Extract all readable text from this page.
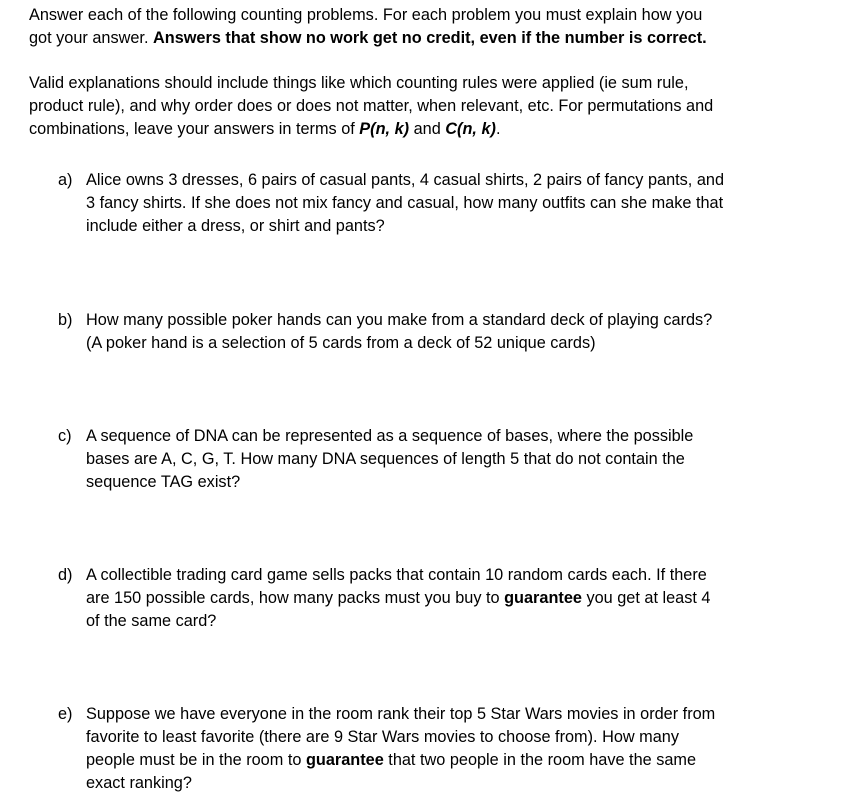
Answer each of the following counting problems. For each problem you must explain how you
got your answer. Answers that show no work get no credit, even if the number is correct.

Valid explanations should include things like which counting rules were applied (ie sum rule,
product rule), and why order does or does not matter, when relevant, etc. For permutations and
combinations, leave your answers in terms of P(n, k) and C(n, k).

a) Alice owns 3 dresses, 6 pairs of casual pants, 4 casual shirts, 2 pairs of fancy pants, and
3 fancy shirts. If she does not mix fancy and casual, how many outfits can she make that
include either a dress, or shirt and pants?
b) How many possible poker hands can you make from a standard deck of playing cards?
(A poker hand is a selection of 5 cards from a deck of 52 unique cards)
c) A sequence of DNA can be represented as a sequence of bases, where the possible
bases are A, C, G, T. How many DNA sequences of length 5 that do not contain the
sequence TAG exist?
d) A collectible trading card game sells packs that contain 10 random cards each. If there
are 150 possible cards, how many packs must you buy to guarantee you get at least 4
of the same card?
e) Suppose we have everyone in the room rank their top 5 Star Wars movies in order from
favorite to least favorite (there are 9 Star Wars movies to choose from). How many
people must be in the room to guarantee that two people in the room have the same
exact ranking?
